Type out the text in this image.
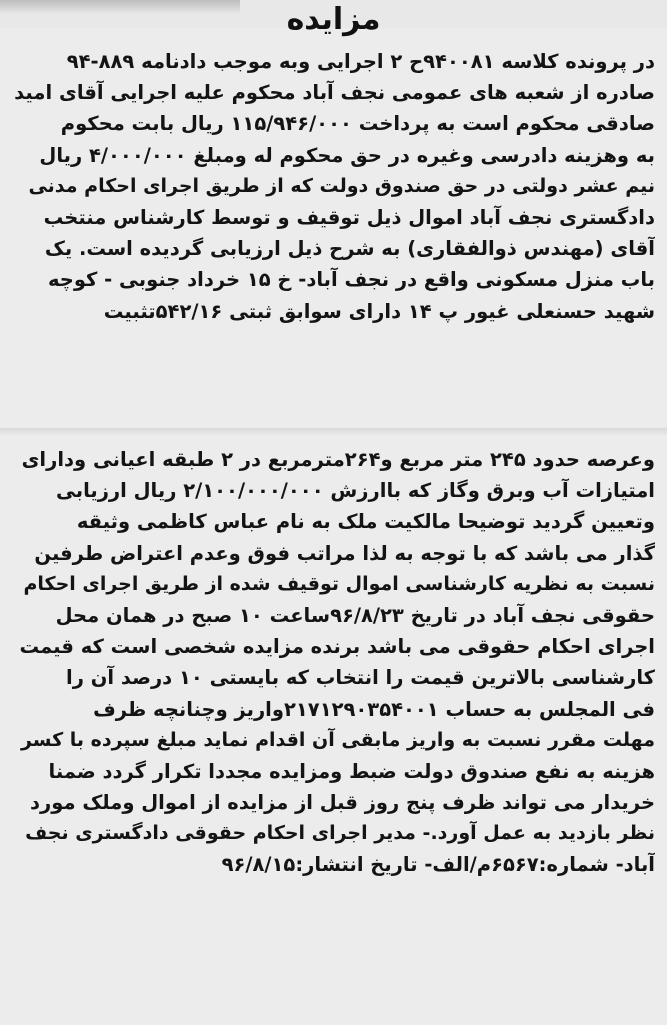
مزایده
در پرونده کلاسه ۹۴۰۰۸۱ح ۲ اجرایی وبه موجب دادنامه ۸۸۹-۹۴
صادره از شعبه های عمومی نجف آباد محکوم علیه اجرایی آقای امید
صادقی محکوم است به پرداخت ۱۱۵/۹۴۶/۰۰۰ ریال بابت محکوم
به وهزینه دادرسی وغیره در حق محکوم له ومبلغ ۴/۰۰۰/۰۰۰ ریال
نیم عشر دولتی در حق صندوق دولت که از طریق اجرای احکام مدنی
دادگستری نجف آباد اموال ذیل توقیف و توسط کارشناس منتخب
آقای (مهندس ذوالفقاری) به شرح ذیل ارزیابی گردیده است. یک
باب منزل مسکونی واقع در نجف آباد- خ ۱۵ خرداد جنوبی - کوچه
شهید حسنعلی غیور پ ۱۴ دارای سوابق ثبتی ۵۴۲/۱۶تثبیت
وعرصه حدود ۲۴۵ متر مربع و۲۶۴مترمربع در ۲ طبقه اعیانی ودارای
امتیازات آب وبرق وگاز که باارزش ۲/۱۰۰/۰۰۰/۰۰۰ ریال ارزیابی
وتعیین گردید توضیحا مالکیت ملک به نام عباس کاظمی وثیقه
گذار می باشد که با توجه به لذا مراتب فوق وعدم اعتراض طرفین
نسبت به نظریه کارشناسی اموال توقیف شده از طریق اجرای احکام
حقوقی نجف آباد در تاریخ ۹۶/۸/۲۳ساعت ۱۰ صبح در همان محل
اجرای احکام حقوقی می باشد برنده مزایده شخصی است که قیمت
کارشناسی بالاترین قیمت را انتخاب که بایستی ۱۰ درصد آن را
فی المجلس به حساب ۲۱۷۱۲۹۰۳۵۴۰۰۱واریز وچنانچه ظرف
مهلت مقرر نسبت به واریز مابقی آن اقدام نماید مبلغ سپرده با کسر
هزینه به نفع صندوق دولت ضبط ومزایده مجددا تکرار گردد ضمنا
خریدار می تواند ظرف پنج روز قبل از مزایده از اموال وملک مورد
نظر بازدید به عمل آورد.- مدیر اجرای احکام حقوقی دادگستری نجف
آباد- شماره:۶۵۶۷م/الف- تاریخ انتشار:۹۶/۸/۱۵
